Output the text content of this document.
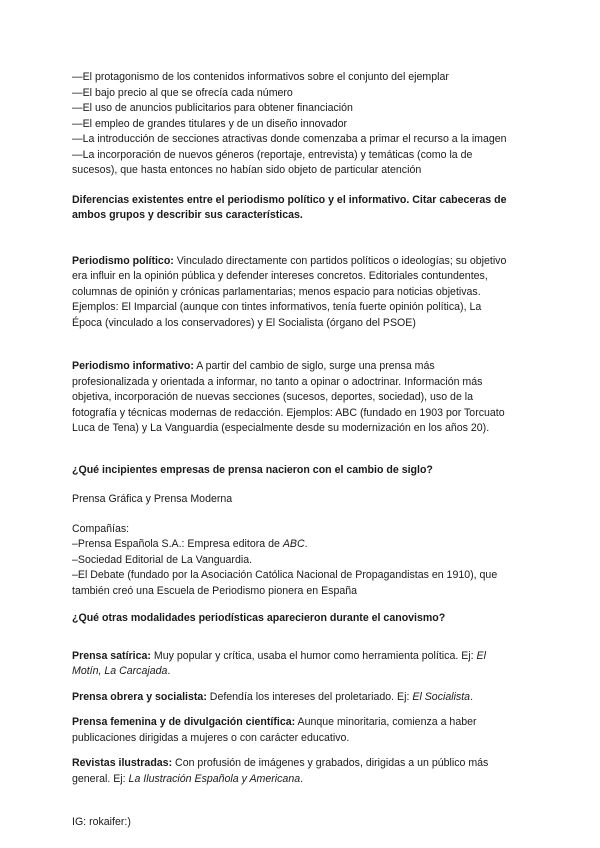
—El protagonismo de los contenidos informativos sobre el conjunto del ejemplar
—El bajo precio al que se ofrecía cada número
—El uso de anuncios publicitarios para obtener financiación
—El empleo de grandes titulares y de un diseño innovador
—La introducción de secciones atractivas donde comenzaba a primar el recurso a la imagen
—La incorporación de nuevos géneros (reportaje, entrevista) y temáticas (como la de
sucesos), que hasta entonces no habían sido objeto de particular atención
Diferencias existentes entre el periodismo político y el informativo. Citar cabeceras de
ambos grupos y describir sus características.
Periodismo político: Vinculado directamente con partidos políticos o ideologías; su objetivo
era influir en la opinión pública y defender intereses concretos. Editoriales contundentes,
columnas de opinión y crónicas parlamentarias; menos espacio para noticias objetivas.
Ejemplos: El Imparcial (aunque con tintes informativos, tenía fuerte opinión política), La
Época (vinculado a los conservadores) y El Socialista (órgano del PSOE)
Periodismo informativo: A partir del cambio de siglo, surge una prensa más
profesionalizada y orientada a informar, no tanto a opinar o adoctrinar. Información más
objetiva, incorporación de nuevas secciones (sucesos, deportes, sociedad), uso de la
fotografía y técnicas modernas de redacción. Ejemplos: ABC (fundado en 1903 por Torcuato
Luca de Tena) y La Vanguardia (especialmente desde su modernización en los años 20).
¿Qué incipientes empresas de prensa nacieron con el cambio de siglo?
Prensa Gráfica y Prensa Moderna
Compañías:
–Prensa Española S.A.: Empresa editora de ABC.
–Sociedad Editorial de La Vanguardia.
–El Debate (fundado por la Asociación Católica Nacional de Propagandistas en 1910), que
también creó una Escuela de Periodismo pionera en España
¿Qué otras modalidades periodísticas aparecieron durante el canovismo?
Prensa satírica: Muy popular y crítica, usaba el humor como herramienta política. Ej: El
Motín, La Carcajada.
Prensa obrera y socialista: Defendía los intereses del proletariado. Ej: El Socialista.
Prensa femenina y de divulgación científica: Aunque minoritaria, comienza a haber
publicaciones dirigidas a mujeres o con carácter educativo.
Revistas ilustradas: Con profusión de imágenes y grabados, dirigidas a un público más
general. Ej: La Ilustración Española y Americana.
IG: rokaifer:)
